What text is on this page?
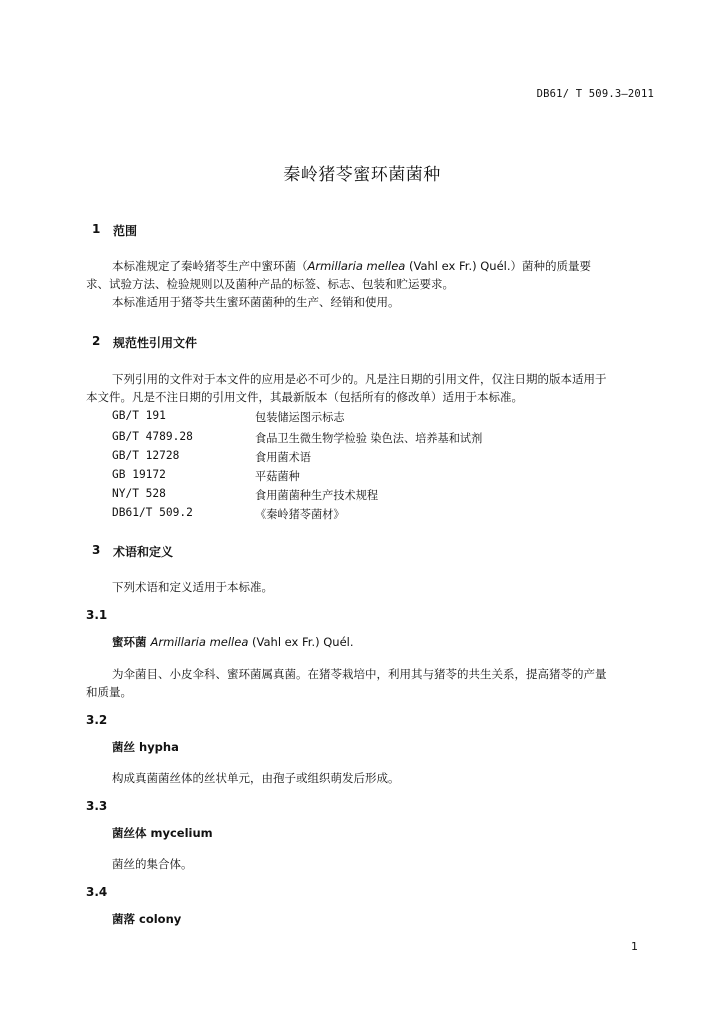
DB61/ T 509.3—2011
秦岭猪苓蜜环菌菌种
1 范围
本标准规定了秦岭猪苓生产中蜜环菌（Armillaria mellea (Vahl ex Fr.) Quél.）菌种的质量要
求、试验方法、检验规则以及菌种产品的标签、标志、包装和贮运要求。
本标准适用于猪苓共生蜜环菌菌种的生产、经销和使用。
2 规范性引用文件
下列引用的文件对于本文件的应用是必不可少的。凡是注日期的引用文件，仅注日期的版本适用于
本文件。凡是不注日期的引用文件，其最新版本（包括所有的修改单）适用于本标准。
GB/T 191	包装储运图示标志
GB/T 4789.28	食品卫生微生物学检验 染色法、培养基和试剂
GB/T 12728	食用菌术语
GB 19172	平菇菌种
NY/T 528	食用菌菌种生产技术规程
DB61/T 509.2	《秦岭猪苓菌材》
3 术语和定义
下列术语和定义适用于本标准。
3.1
蜜环菌 Armillaria mellea (Vahl ex Fr.) Quél.
为伞菌目、小皮伞科、蜜环菌属真菌。在猪苓栽培中，利用其与猪苓的共生关系，提高猪苓的产量
和质量。
3.2
菌丝 hypha
构成真菌菌丝体的丝状单元，由孢子或组织萌发后形成。
3.3
菌丝体 mycelium
菌丝的集合体。
3.4
菌落 colony
1
